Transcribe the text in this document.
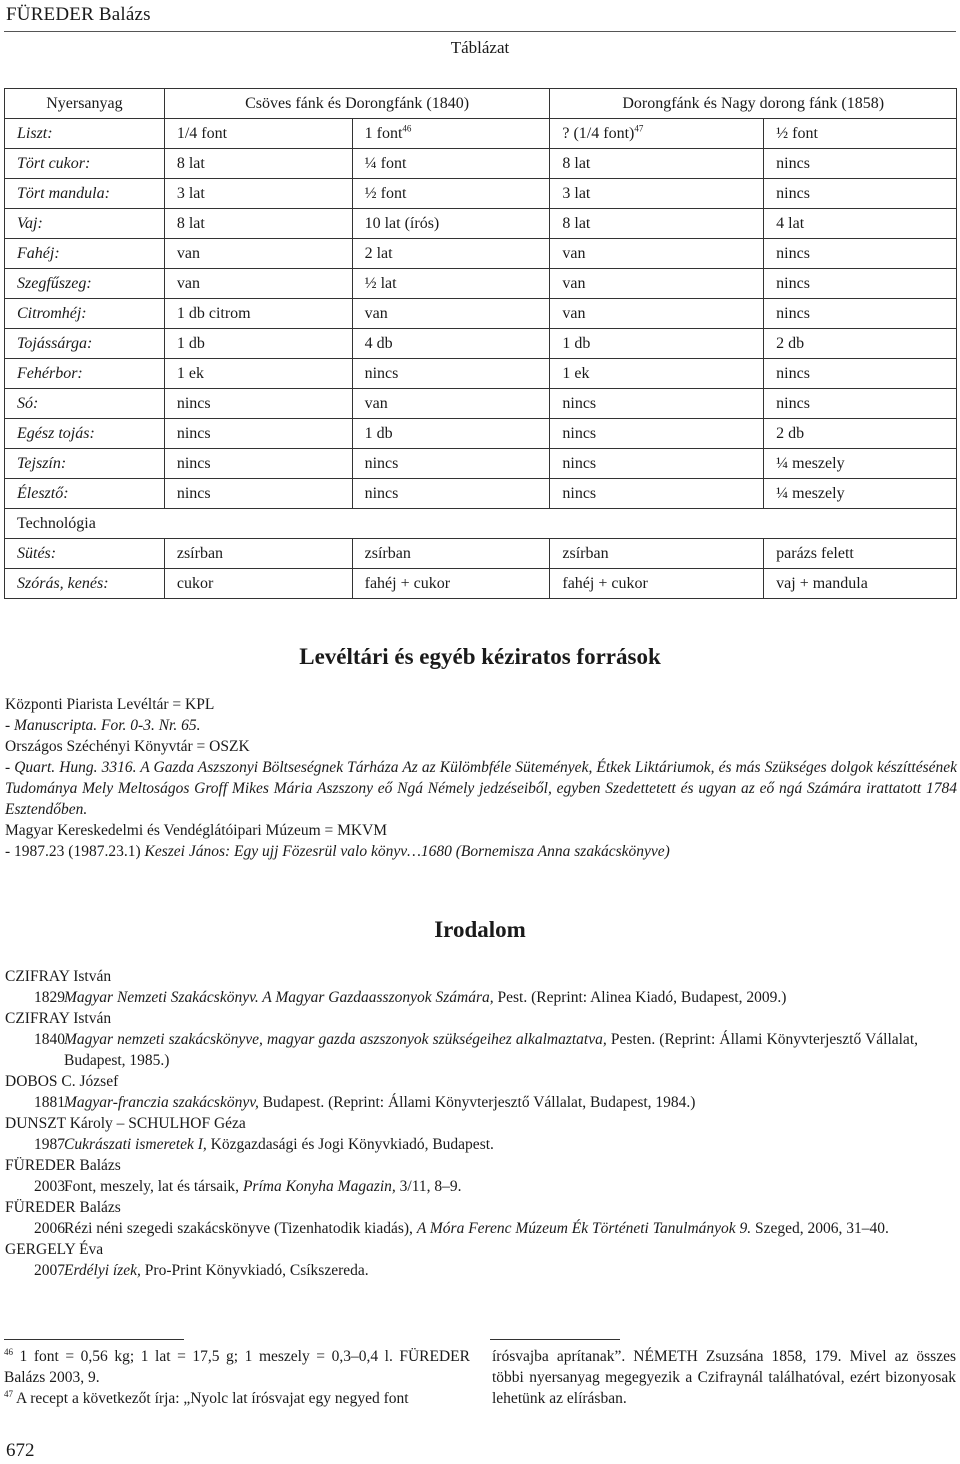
FÜREDER Balázs
Táblázat
Nyersanyag	Csöves fánk és Dorongfánk (1840)		Dorongfánk és Nagy dorong fánk (1858)	
Liszt:	1/4 font	1 font$^{46}$	? (1/4 font)$^{47}$	½ font
Tört cukor:	8 lat	¼ font	8 lat	nincs
Tört mandula:	3 lat	½ font	3 lat	nincs
Vaj:	8 lat	10 lat (írós)	8 lat	4 lat
Fahéj:	van	2 lat	van	nincs
Szegfűszeg:	van	½ lat	van	nincs
Citromhéj:	1 db citrom	van	van	nincs
Tojássárga:	1 db	4 db	1 db	2 db
Fehérbor:	1 ek	nincs	1 ek	nincs
Só:	nincs	van	nincs	nincs
Egész tojás:	nincs	1 db	nincs	2 db
Tejszín:	nincs	nincs	nincs	¼ meszely
Élesztő:	nincs	nincs	nincs	¼ meszely
Technológia				
Sütés:	zsírban	zsírban	zsírban	parázs felett
Szórás, kenés:	cukor	fahéj + cukor	fahéj + cukor	vaj + mandula
Levéltári és egyéb kéziratos források

Központi Piarista Levéltár = KPL

- Manuscripta. For. 0-3. Nr. 65.

Országos Széchényi Könyvtár = OSZK

- Quart. Hung. 3316. A Gazda Aszszonyi Böltseségnek Tárháza Az az Külömbféle Sütemények, Étkek Liktáriumok, és más Szükséges dolgok készíttésének Tudománya Mely Meltoságos Groff Mikes Mária Aszszony eő Ngá Némely jedzéseiből, egyben Szedettetett és ugyan az eő ngá Számára irattatott 1784 Esztendőben.

Magyar Kereskedelmi és Vendéglátóipari Múzeum = MKVM

- 1987.23 (1987.23.1) Keszei János: Egy ujj Fözesrül valo könyv…1680 (Bornemisza Anna szakácskönyve)

Irodalom

CZIFRAY István

1829 Magyar Nemzeti Szakácskönyv. A Magyar Gazdaasszonyok Számára, Pest. (Reprint: Alinea Kiadó, Budapest, 2009.)

CZIFRAY István

1840 Magyar nemzeti szakácskönyve, magyar gazda aszszonyok szükségeihez alkalmaztatva, Pesten. (Reprint: Állami Könyvterjesztő Vállalat, Budapest, 1985.)

DOBOS C. József

1881 Magyar-franczia szakácskönyv, Budapest. (Reprint: Állami Könyvterjesztő Vállalat, Budapest, 1984.)

DUNSZT Károly – SCHULHOF Géza

1987 Cukrászati ismeretek I, Közgazdasági és Jogi Könyvkiadó, Budapest.

FÜREDER Balázs

2003 Font, meszely, lat és társaik, Príma Konyha Magazin, 3/11, 8–9.

FÜREDER Balázs

2006 Rézi néni szegedi szakácskönyve (Tizenhatodik kiadás), A Móra Ferenc Múzeum Ék Történeti Tanulmányok 9. Szeged, 2006, 31–40.

GERGELY Éva

2007 Erdélyi ízek, Pro-Print Könyvkiadó, Csíkszereda.

$^{46}$ 1 font = 0,56 kg; 1 lat = 17,5 g; 1 meszely = 0,3–0,4 l. FÜREDER Balázs 2003, 9.

$^{47}$ A recept a következőt írja: „Nyolc lat írósvajat egy negyed font

írósvajba aprítanak”. NÉMETH Zsuzsána 1858, 179. Mivel az összes többi nyersanyag megegyezik a Czifraynál találhatóval, ezért bizonyosak lehetünk az elírásban.

672
